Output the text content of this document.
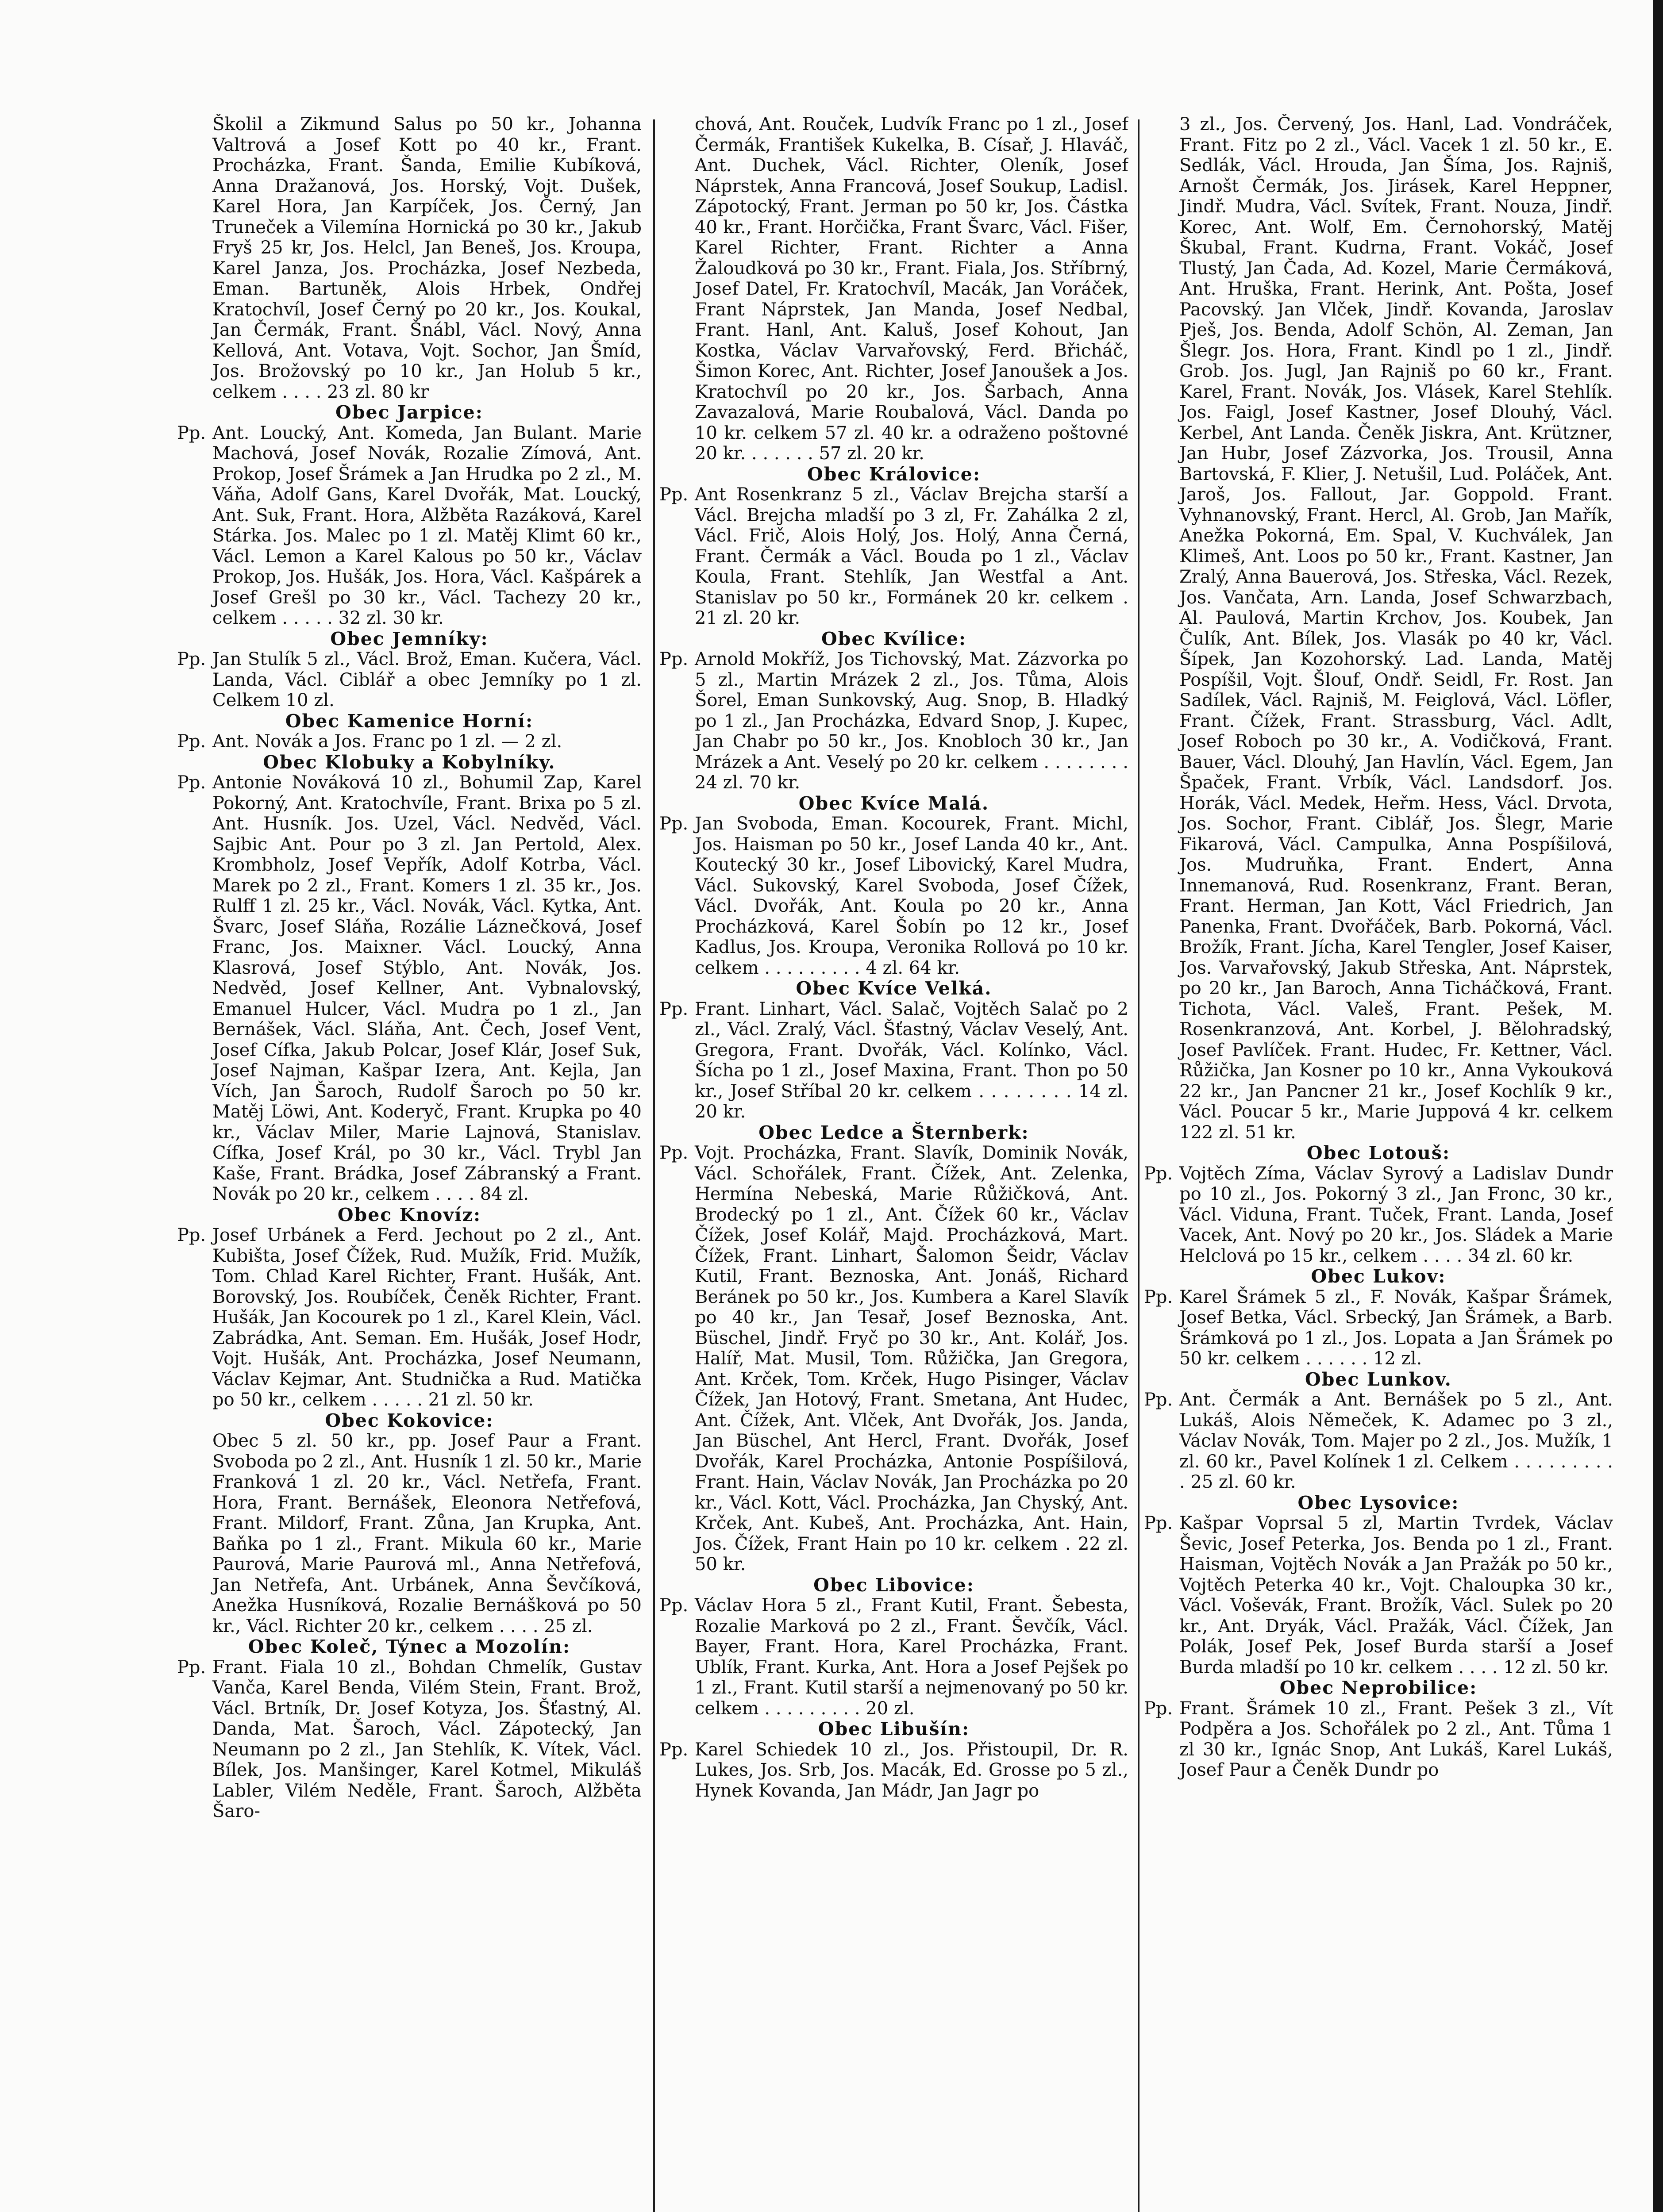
Školil a Zikmund Salus po 50 kr., Johanna Valtrová a Josef Kott po 40 kr., Frant. Procházka, Frant. Šanda, Emilie Kubíková, Anna Dražanová, Jos. Horský, Vojt. Dušek, Karel Hora, Jan Karpíček, Jos. Černý, Jan Truneček a Vilemína Hornická po 30 kr., Jakub Fryš 25 kr, Jos. Helcl, Jan Beneš, Jos. Kroupa, Karel Janza, Jos. Procházka, Josef Nezbeda, Eman. Bartuněk, Alois Hrbek, Ondřej Kratochvíl, Josef Černý po 20 kr., Jos. Koukal, Jan Čermák, Frant. Šnábl, Václ. Nový, Anna Kellová, Ant. Votava, Vojt. Sochor, Jan Šmíd, Jos. Brožovský po 10 kr., Jan Holub 5 kr., celkem . . . . 23 zl. 80 kr

Obec Jarpice:

Pp. Ant. Loucký, Ant. Komeda, Jan Bulant. Marie Machová, Josef Novák, Rozalie Zímová, Ant. Prokop, Josef Šrámek a Jan Hrudka po 2 zl., M. Váňa, Adolf Gans, Karel Dvořák, Mat. Loucký, Ant. Suk, Frant. Hora, Alžběta Razáková, Karel Stárka. Jos. Malec po 1 zl. Matěj Klimt 60 kr., Václ. Lemon a Karel Kalous po 50 kr., Václav Prokop, Jos. Hušák, Jos. Hora, Václ. Kašpárek a Josef Grešl po 30 kr., Václ. Tachezy 20 kr., celkem . . . . . 32 zl. 30 kr.

Obec Jemníky:

Pp. Jan Stulík 5 zl., Václ. Brož, Eman. Kučera, Václ. Landa, Václ. Ciblář a obec Jemníky po 1 zl. Celkem 10 zl.

Obec Kamenice Horní:

Pp. Ant. Novák a Jos. Franc po 1 zl. — 2 zl.

Obec Klobuky a Kobylníky.

Pp. Antonie Nováková 10 zl., Bohumil Zap, Karel Pokorný, Ant. Kratochvíle, Frant. Brixa po 5 zl. Ant. Husník. Jos. Uzel, Václ. Nedvěd, Václ. Sajbic Ant. Pour po 3 zl. Jan Pertold, Alex. Krombholz, Josef Vepřík, Adolf Kotrba, Václ. Marek po 2 zl., Frant. Komers 1 zl. 35 kr., Jos. Rulff 1 zl. 25 kr., Václ. Novák, Václ. Kytka, Ant. Švarc, Josef Sláňa, Rozálie Láznečková, Josef Franc, Jos. Maixner. Václ. Loucký, Anna Klasrová, Josef Stýblo, Ant. Novák, Jos. Nedvěd, Josef Kellner, Ant. Vybnalovský, Emanuel Hulcer, Václ. Mudra po 1 zl., Jan Bernášek, Václ. Sláňa, Ant. Čech, Josef Vent, Josef Cífka, Jakub Polcar, Josef Klár, Josef Suk, Josef Najman, Kašpar Izera, Ant. Kejla, Jan Vích, Jan Šaroch, Rudolf Šaroch po 50 kr. Matěj Löwi, Ant. Koderyč, Frant. Krupka po 40 kr., Václav Miler, Marie Lajnová, Stanislav. Cífka, Josef Král, po 30 kr., Václ. Trybl Jan Kaše, Frant. Brádka, Josef Zábranský a Frant. Novák po 20 kr., celkem . . . . 84 zl.

Obec Knovíz:

Pp. Josef Urbánek a Ferd. Jechout po 2 zl., Ant. Kubišta, Josef Čížek, Rud. Mužík, Frid. Mužík, Tom. Chlad Karel Richter, Frant. Hušák, Ant. Borovský, Jos. Roubíček, Čeněk Richter, Frant. Hušák, Jan Kocourek po 1 zl., Karel Klein, Václ. Zabrádka, Ant. Seman. Em. Hušák, Josef Hodr, Vojt. Hušák, Ant. Procházka, Josef Neumann, Václav Kejmar, Ant. Studnička a Rud. Matička po 50 kr., celkem . . . . . 21 zl. 50 kr.

Obec Kokovice:

Obec 5 zl. 50 kr., pp. Josef Paur a Frant. Svoboda po 2 zl., Ant. Husník 1 zl. 50 kr., Marie Franková 1 zl. 20 kr., Václ. Netřefa, Frant. Hora, Frant. Bernášek, Eleonora Netřefová, Frant. Mildorf, Frant. Zůna, Jan Krupka, Ant. Baňka po 1 zl., Frant. Mikula 60 kr., Marie Paurová, Marie Paurová ml., Anna Netřefová, Jan Netřefa, Ant. Urbánek, Anna Ševčíková, Anežka Husníková, Rozalie Bernášková po 50 kr., Václ. Richter 20 kr., celkem . . . . 25 zl.

Obec Koleč, Týnec a Mozolín:

Pp. Frant. Fiala 10 zl., Bohdan Chmelík, Gustav Vanča, Karel Benda, Vilém Stein, Frant. Brož, Václ. Brtník, Dr. Josef Kotyza, Jos. Šťastný, Al. Danda, Mat. Šaroch, Václ. Zápotecký, Jan Neumann po 2 zl., Jan Stehlík, K. Vítek, Václ. Bílek, Jos. Manšinger, Karel Kotmel, Mikuláš Labler, Vilém Neděle, Frant. Šaroch, Alžběta Šaro-

chová, Ant. Rouček, Ludvík Franc po 1 zl., Josef Čermák, František Kukelka, B. Císař, J. Hlaváč, Ant. Duchek, Václ. Richter, Oleník, Josef Náprstek, Anna Francová, Josef Soukup, Ladisl. Zápotocký, Frant. Jerman po 50 kr, Jos. Částka 40 kr., Frant. Horčička, Frant Švarc, Václ. Fišer, Karel Richter, Frant. Richter a Anna Žaloudková po 30 kr., Frant. Fiala, Jos. Stříbrný, Josef Datel, Fr. Kratochvíl, Macák, Jan Voráček, Frant Náprstek, Jan Manda, Josef Nedbal, Frant. Hanl, Ant. Kaluš, Josef Kohout, Jan Kostka, Václav Varvařovský, Ferd. Břicháč, Šimon Korec, Ant. Richter, Josef Janoušek a Jos. Kratochvíl po 20 kr., Jos. Šarbach, Anna Zavazalová, Marie Roubalová, Václ. Danda po 10 kr. celkem 57 zl. 40 kr. a odraženo poštovné 20 kr. . . . . . . 57 zl. 20 kr.

Obec Královice:

Pp. Ant Rosenkranz 5 zl., Václav Brejcha starší a Václ. Brejcha mladší po 3 zl, Fr. Zahálka 2 zl, Václ. Frič, Alois Holý, Jos. Holý, Anna Černá, Frant. Čermák a Václ. Bouda po 1 zl., Václav Koula, Frant. Stehlík, Jan Westfal a Ant. Stanislav po 50 kr., Formánek 20 kr. celkem . 21 zl. 20 kr.

Obec Kvílice:

Pp. Arnold Mokříž, Jos Tichovský, Mat. Zázvorka po 5 zl., Martin Mrázek 2 zl., Jos. Tůma, Alois Šorel, Eman Sunkovský, Aug. Snop, B. Hladký po 1 zl., Jan Procházka, Edvard Snop, J. Kupec, Jan Chabr po 50 kr., Jos. Knobloch 30 kr., Jan Mrázek a Ant. Veselý po 20 kr. celkem . . . . . . . . 24 zl. 70 kr.

Obec Kvíce Malá.

Pp. Jan Svoboda, Eman. Kocourek, Frant. Michl, Jos. Haisman po 50 kr., Josef Landa 40 kr., Ant. Koutecký 30 kr., Josef Libovický, Karel Mudra, Václ. Sukovský, Karel Svoboda, Josef Čížek, Václ. Dvořák, Ant. Koula po 20 kr., Anna Procházková, Karel Šobín po 12 kr., Josef Kadlus, Jos. Kroupa, Veronika Rollová po 10 kr. celkem . . . . . . . . . 4 zl. 64 kr.

Obec Kvíce Velká.

Pp. Frant. Linhart, Václ. Salač, Vojtěch Salač po 2 zl., Václ. Zralý, Václ. Šťastný, Václav Veselý, Ant. Gregora, Frant. Dvořák, Václ. Kolínko, Václ. Šícha po 1 zl., Josef Maxina, Frant. Thon po 50 kr., Josef Stříbal 20 kr. celkem . . . . . . . . 14 zl. 20 kr.

Obec Ledce a Šternberk:

Pp. Vojt. Procházka, Frant. Slavík, Dominik Novák, Václ. Schořálek, Frant. Čížek, Ant. Zelenka, Hermína Nebeská, Marie Růžičková, Ant. Brodecký po 1 zl., Ant. Čížek 60 kr., Václav Čížek, Josef Kolář, Majd. Procházková, Mart. Čížek, Frant. Linhart, Šalomon Šeidr, Václav Kutil, Frant. Beznoska, Ant. Jonáš, Richard Beránek po 50 kr., Jos. Kumbera a Karel Slavík po 40 kr., Jan Tesař, Josef Beznoska, Ant. Büschel, Jindř. Fryč po 30 kr., Ant. Kolář, Jos. Halíř, Mat. Musil, Tom. Růžička, Jan Gregora, Ant. Krček, Tom. Krček, Hugo Pisinger, Václav Čížek, Jan Hotový, Frant. Smetana, Ant Hudec, Ant. Čížek, Ant. Vlček, Ant Dvořák, Jos. Janda, Jan Büschel, Ant Hercl, Frant. Dvořák, Josef Dvořák, Karel Procházka, Antonie Pospíšilová, Frant. Hain, Václav Novák, Jan Procházka po 20 kr., Václ. Kott, Václ. Procházka, Jan Chyský, Ant. Krček, Ant. Kubeš, Ant. Procházka, Ant. Hain, Jos. Čížek, Frant Hain po 10 kr. celkem . 22 zl. 50 kr.

Obec Libovice:

Pp. Václav Hora 5 zl., Frant Kutil, Frant. Šebesta, Rozalie Marková po 2 zl., Frant. Ševčík, Václ. Bayer, Frant. Hora, Karel Procházka, Frant. Ublík, Frant. Kurka, Ant. Hora a Josef Pejšek po 1 zl., Frant. Kutil starší a nejmenovaný po 50 kr. celkem . . . . . . . . . 20 zl.

Obec Libušín:

Pp. Karel Schiedek 10 zl., Jos. Přistoupil, Dr. R. Lukes, Jos. Srb, Jos. Macák, Ed. Grosse po 5 zl., Hynek Kovanda, Jan Mádr, Jan Jagr po

3 zl., Jos. Červený, Jos. Hanl, Lad. Vondráček, Frant. Fitz po 2 zl., Václ. Vacek 1 zl. 50 kr., E. Sedlák, Václ. Hrouda, Jan Šíma, Jos. Rajniš, Arnošt Čermák, Jos. Jirásek, Karel Heppner, Jindř. Mudra, Václ. Svítek, Frant. Nouza, Jindř. Korec, Ant. Wolf, Em. Černohorský, Matěj Škubal, Frant. Kudrna, Frant. Vokáč, Josef Tlustý, Jan Čada, Ad. Kozel, Marie Čermáková, Ant. Hruška, Frant. Herink, Ant. Pošta, Josef Pacovský. Jan Vlček, Jindř. Kovanda, Jaroslav Pješ, Jos. Benda, Adolf Schön, Al. Zeman, Jan Šlegr. Jos. Hora, Frant. Kindl po 1 zl., Jindř. Grob. Jos. Jugl, Jan Rajniš po 60 kr., Frant. Karel, Frant. Novák, Jos. Vlásek, Karel Stehlík. Jos. Faigl, Josef Kastner, Josef Dlouhý, Václ. Kerbel, Ant Landa. Čeněk Jiskra, Ant. Krützner, Jan Hubr, Josef Zázvorka, Jos. Trousil, Anna Bartovská, F. Klier, J. Netušil, Lud. Poláček, Ant. Jaroš, Jos. Fallout, Jar. Goppold. Frant. Vyhnanovský, Frant. Hercl, Al. Grob, Jan Mařík, Anežka Pokorná, Em. Spal, V. Kuchválek, Jan Klimeš, Ant. Loos po 50 kr., Frant. Kastner, Jan Zralý, Anna Bauerová, Jos. Střeska, Václ. Rezek, Jos. Vančata, Arn. Landa, Josef Schwarzbach, Al. Paulová, Martin Krchov, Jos. Koubek, Jan Čulík, Ant. Bílek, Jos. Vlasák po 40 kr, Václ. Šípek, Jan Kozohorský. Lad. Landa, Matěj Pospíšil, Vojt. Šlouf, Ondř. Seidl, Fr. Rost. Jan Sadílek, Václ. Rajniš, M. Feiglová, Václ. Löfler, Frant. Čížek, Frant. Strassburg, Václ. Adlt, Josef Roboch po 30 kr., A. Vodičková, Frant. Bauer, Václ. Dlouhý, Jan Havlín, Václ. Egem, Jan Špaček, Frant. Vrbík, Václ. Landsdorf. Jos. Horák, Václ. Medek, Heřm. Hess, Václ. Drvota, Jos. Sochor, Frant. Ciblář, Jos. Šlegr, Marie Fikarová, Václ. Campulka, Anna Pospíšilová, Jos. Mudruňka, Frant. Endert, Anna Innemanová, Rud. Rosenkranz, Frant. Beran, Frant. Herman, Jan Kott, Václ Friedrich, Jan Panenka, Frant. Dvořáček, Barb. Pokorná, Václ. Brožík, Frant. Jícha, Karel Tengler, Josef Kaiser, Jos. Varvařovský, Jakub Střeska, Ant. Náprstek, po 20 kr., Jan Baroch, Anna Ticháčková, Frant. Tichota, Václ. Valeš, Frant. Pešek, M. Rosenkranzová, Ant. Korbel, J. Bělohradský, Josef Pavlíček. Frant. Hudec, Fr. Kettner, Václ. Růžička, Jan Kosner po 10 kr., Anna Vykouková 22 kr., Jan Pancner 21 kr., Josef Kochlík 9 kr., Václ. Poucar 5 kr., Marie Juppová 4 kr. celkem 122 zl. 51 kr.

Obec Lotouš:

Pp. Vojtěch Zíma, Václav Syrový a Ladislav Dundr po 10 zl., Jos. Pokorný 3 zl., Jan Fronc, 30 kr., Václ. Viduna, Frant. Tuček, Frant. Landa, Josef Vacek, Ant. Nový po 20 kr., Jos. Sládek a Marie Helclová po 15 kr., celkem . . . . 34 zl. 60 kr.

Obec Lukov:

Pp. Karel Šrámek 5 zl., F. Novák, Kašpar Šrámek, Josef Betka, Václ. Srbecký, Jan Šrámek, a Barb. Šrámková po 1 zl., Jos. Lopata a Jan Šrámek po 50 kr. celkem . . . . . . 12 zl.

Obec Lunkov.

Pp. Ant. Čermák a Ant. Bernášek po 5 zl., Ant. Lukáš, Alois Němeček, K. Adamec po 3 zl., Václav Novák, Tom. Majer po 2 zl., Jos. Mužík, 1 zl. 60 kr., Pavel Kolínek 1 zl. Celkem . . . . . . . . . . 25 zl. 60 kr.

Obec Lysovice:

Pp. Kašpar Voprsal 5 zl, Martin Tvrdek, Václav Ševic, Josef Peterka, Jos. Benda po 1 zl., Frant. Haisman, Vojtěch Novák a Jan Pražák po 50 kr., Vojtěch Peterka 40 kr., Vojt. Chaloupka 30 kr., Václ. Voševák, Frant. Brožík, Václ. Sulek po 20 kr., Ant. Dryák, Václ. Pražák, Václ. Čížek, Jan Polák, Josef Pek, Josef Burda starší a Josef Burda mladší po 10 kr. celkem . . . . 12 zl. 50 kr.

Obec Neprobilice:

Pp. Frant. Šrámek 10 zl., Frant. Pešek 3 zl., Vít Podpěra a Jos. Schořálek po 2 zl., Ant. Tůma 1 zl 30 kr., Ignác Snop, Ant Lukáš, Karel Lukáš, Josef Paur a Čeněk Dundr po
